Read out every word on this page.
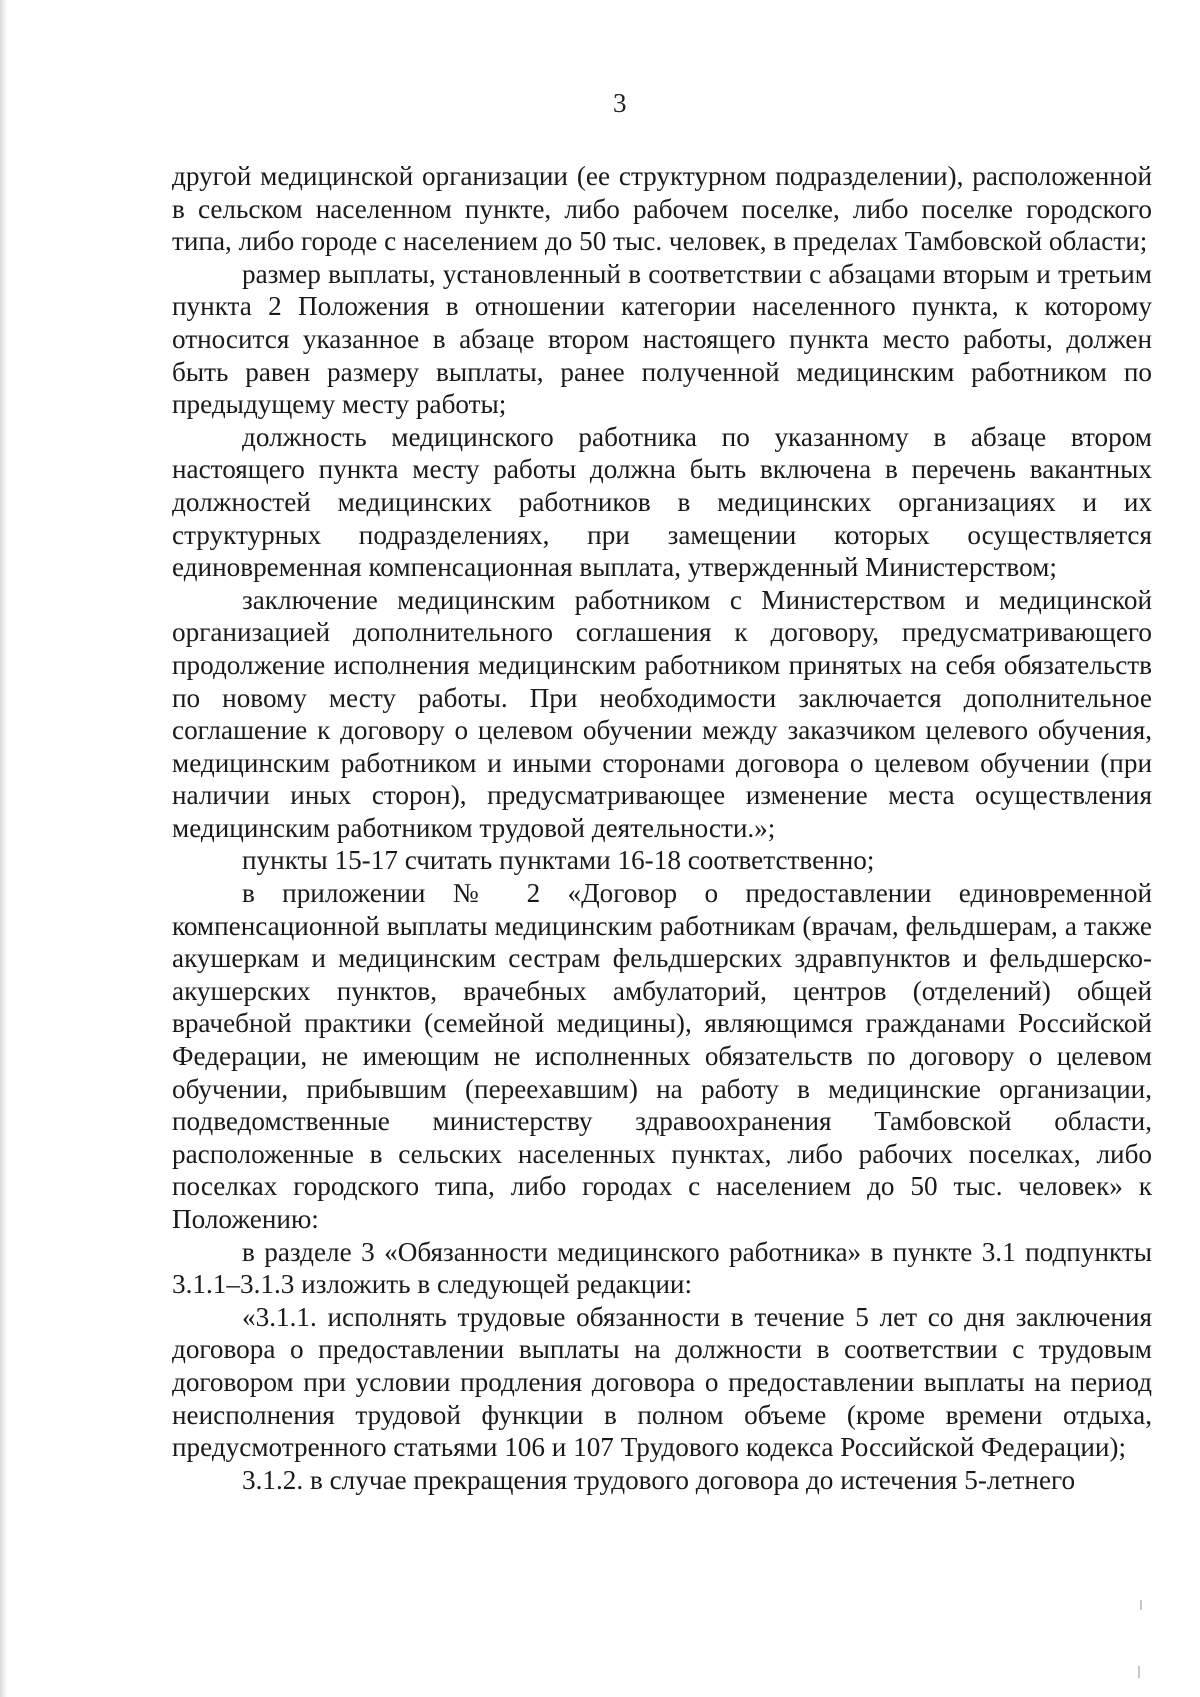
3

другой медицинской организации (ее структурном подразделении), расположенной в сельском населенном пункте, либо рабочем поселке, либо поселке городского типа, либо городе с населением до 50 тыс. человек, в пределах Тамбовской области;

размер выплаты, установленный в соответствии с абзацами вторым и третьим пункта 2 Положения в отношении категории населенного пункта, к которому относится указанное в абзаце втором настоящего пункта место работы, должен быть равен размеру выплаты, ранее полученной медицинским работником по предыдущему месту работы;

должность медицинского работника по указанному в абзаце втором настоящего пункта месту работы должна быть включена в перечень вакантных должностей медицинских работников в медицинских организациях и их структурных подразделениях, при замещении которых осуществляется единовременная компенсационная выплата, утвержденный Министерством;

заключение медицинским работником с Министерством и медицинской организацией дополнительного соглашения к договору, предусматривающего продолжение исполнения медицинским работником принятых на себя обязательств по новому месту работы. При необходимости заключается дополнительное соглашение к договору о целевом обучении между заказчиком целевого обучения, медицинским работником и иными сторонами договора о целевом обучении (при наличии иных сторон), предусматривающее изменение места осуществления медицинским работником трудовой деятельности.»;

пункты 15-17 считать пунктами 16-18 соответственно;

в приложении № 2 «Договор о предоставлении единовременной компенсационной выплаты медицинским работникам (врачам, фельдшерам, а также акушеркам и медицинским сестрам фельдшерских здравпунктов и фельдшерско-акушерских пунктов, врачебных амбулаторий, центров (отделений) общей врачебной практики (семейной медицины), являющимся гражданами Российской Федерации, не имеющим не исполненных обязательств по договору о целевом обучении, прибывшим (переехавшим) на работу в медицинские организации, подведомственные министерству здравоохранения Тамбовской области, расположенные в сельских населенных пунктах, либо рабочих поселках, либо поселках городского типа, либо городах с населением до 50 тыс. человек» к Положению:

в разделе 3 «Обязанности медицинского работника» в пункте 3.1 подпункты 3.1.1–3.1.3 изложить в следующей редакции:

«3.1.1. исполнять трудовые обязанности в течение 5 лет со дня заключения договора о предоставлении выплаты на должности в соответствии с трудовым договором при условии продления договора о предоставлении выплаты на период неисполнения трудовой функции в полном объеме (кроме времени отдыха, предусмотренного статьями 106 и 107 Трудового кодекса Российской Федерации);

3.1.2. в случае прекращения трудового договора до истечения 5-летнего
